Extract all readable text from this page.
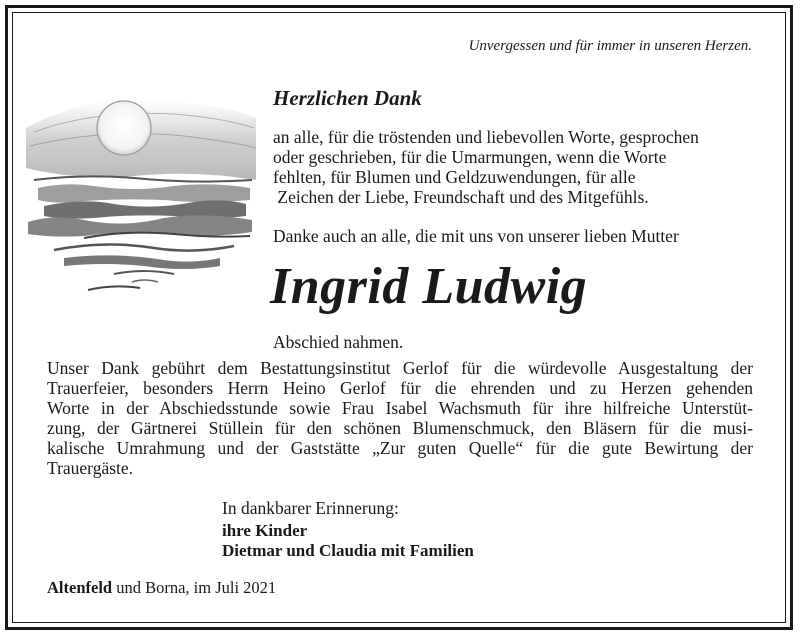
Unvergessen und für immer in unseren Herzen.
Herzlichen Dank
an alle, für die tröstenden und liebevollen Worte, gesprochen
oder geschrieben, für die Umarmungen, wenn die Worte
fehlten, für Blumen und Geldzuwendungen, für alle
Zeichen der Liebe, Freundschaft und des Mitgefühls.
Danke auch an alle, die mit uns von unserer lieben Mutter
Ingrid Ludwig
Abschied nahmen.
Unser Dank gebührt dem Bestattungsinstitut Gerlof für die würdevolle Ausgestaltung der
Trauerfeier, besonders Herrn Heino Gerlof für die ehrenden und zu Herzen gehenden
Worte in der Abschiedsstunde sowie Frau Isabel Wachsmuth für ihre hilfreiche Unterstüt-
zung, der Gärtnerei Stüllein für den schönen Blumenschmuck, den Bläsern für die musi-
kalische Umrahmung und der Gaststätte „Zur guten Quelle“ für die gute Bewirtung der
Trauergäste.
In dankbarer Erinnerung:
ihre Kinder
Dietmar und Claudia mit Familien
Altenfeld und Borna, im Juli 2021
